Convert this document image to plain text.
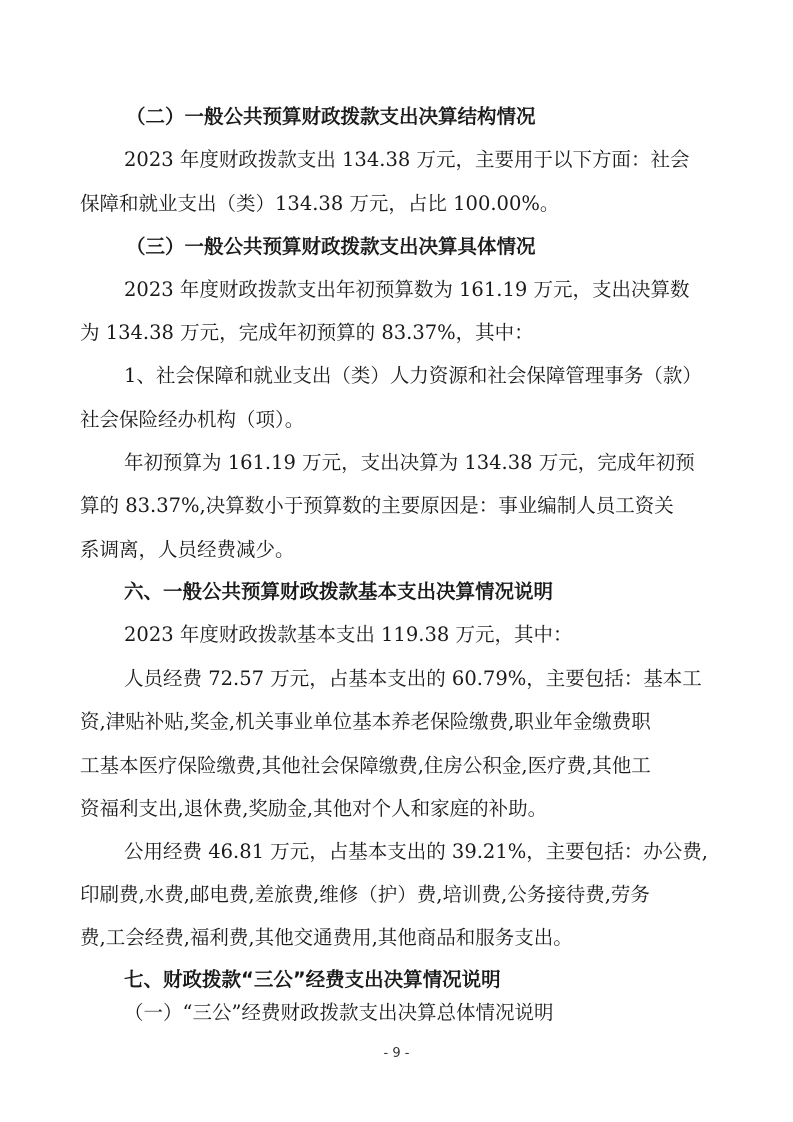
（二）一般公共预算财政拨款支出决算结构情况

2023 年度财政拨款支出 134.38 万元，主要用于以下方面：社会

保障和就业支出（类）134.38 万元，占比 100.00%。

（三）一般公共预算财政拨款支出决算具体情况

2023 年度财政拨款支出年初预算数为 161.19 万元，支出决算数

为 134.38 万元，完成年初预算的 83.37%，其中：

1、社会保障和就业支出（类）人力资源和社会保障管理事务（款）

社会保险经办机构（项）。

年初预算为 161.19 万元，支出决算为 134.38 万元，完成年初预

算的 83.37%,决算数小于预算数的主要原因是：事业编制人员工资关

系调离，人员经费减少。

六、一般公共预算财政拨款基本支出决算情况说明

2023 年度财政拨款基本支出 119.38 万元，其中：

人员经费 72.57 万元，占基本支出的 60.79%，主要包括：基本工

资,津贴补贴,奖金,机关事业单位基本养老保险缴费,职业年金缴费职

工基本医疗保险缴费,其他社会保障缴费,住房公积金,医疗费,其他工

资福利支出,退休费,奖励金,其他对个人和家庭的补助。

公用经费 46.81 万元，占基本支出的 39.21%，主要包括：办公费,

印刷费,水费,邮电费,差旅费,维修（护）费,培训费,公务接待费,劳务

费,工会经费,福利费,其他交通费用,其他商品和服务支出。

七、财政拨款“三公”经费支出决算情况说明

（一）“三公”经费财政拨款支出决算总体情况说明

- 9 -
